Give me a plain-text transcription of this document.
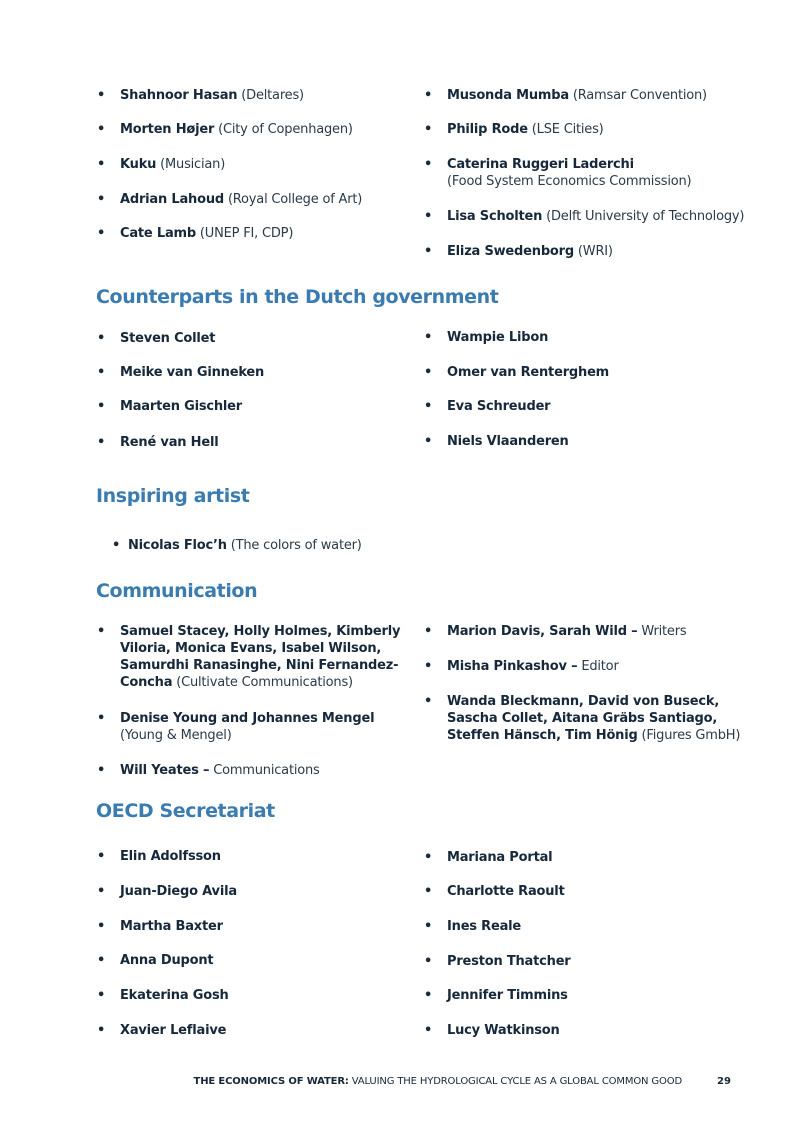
• Shahnoor Hasan (Deltares)
• Morten Højer (City of Copenhagen)
• Kuku (Musician)
• Adrian Lahoud (Royal College of Art)
• Cate Lamb (UNEP FI, CDP)
• Musonda Mumba (Ramsar Convention)
• Philip Rode (LSE Cities)
• Caterina Ruggeri Laderchi
(Food System Economics Commission)
• Lisa Scholten (Delft University of Technology)
• Eliza Swedenborg (WRI)
Counterparts in the Dutch government
• Steven Collet
• Meike van Ginneken
• Maarten Gischler
• René van Hell
• Wampie Libon
• Omer van Renterghem
• Eva Schreuder
• Niels Vlaanderen
Inspiring artist
• Nicolas Floc’h (The colors of water)
Communication
• Samuel Stacey, Holly Holmes, Kimberly
Viloria, Monica Evans, Isabel Wilson,
Samurdhi Ranasinghe, Nini Fernandez-
Concha (Cultivate Communications)
• Denise Young and Johannes Mengel
(Young & Mengel)
• Will Yeates – Communications
• Marion Davis, Sarah Wild – Writers
• Misha Pinkashov – Editor
• Wanda Bleckmann, David von Buseck,
Sascha Collet, Aitana Gräbs Santiago,
Steffen Hänsch, Tim Hönig (Figures GmbH)
OECD Secretariat
• Elin Adolfsson
• Juan-Diego Avila
• Martha Baxter
• Anna Dupont
• Ekaterina Gosh
• Xavier Leflaive
• Mariana Portal
• Charlotte Raoult
• Ines Reale
• Preston Thatcher
• Jennifer Timmins
• Lucy Watkinson
THE ECONOMICS OF WATER: VALUING THE HYDROLOGICAL CYCLE AS A GLOBAL COMMON GOOD	29
